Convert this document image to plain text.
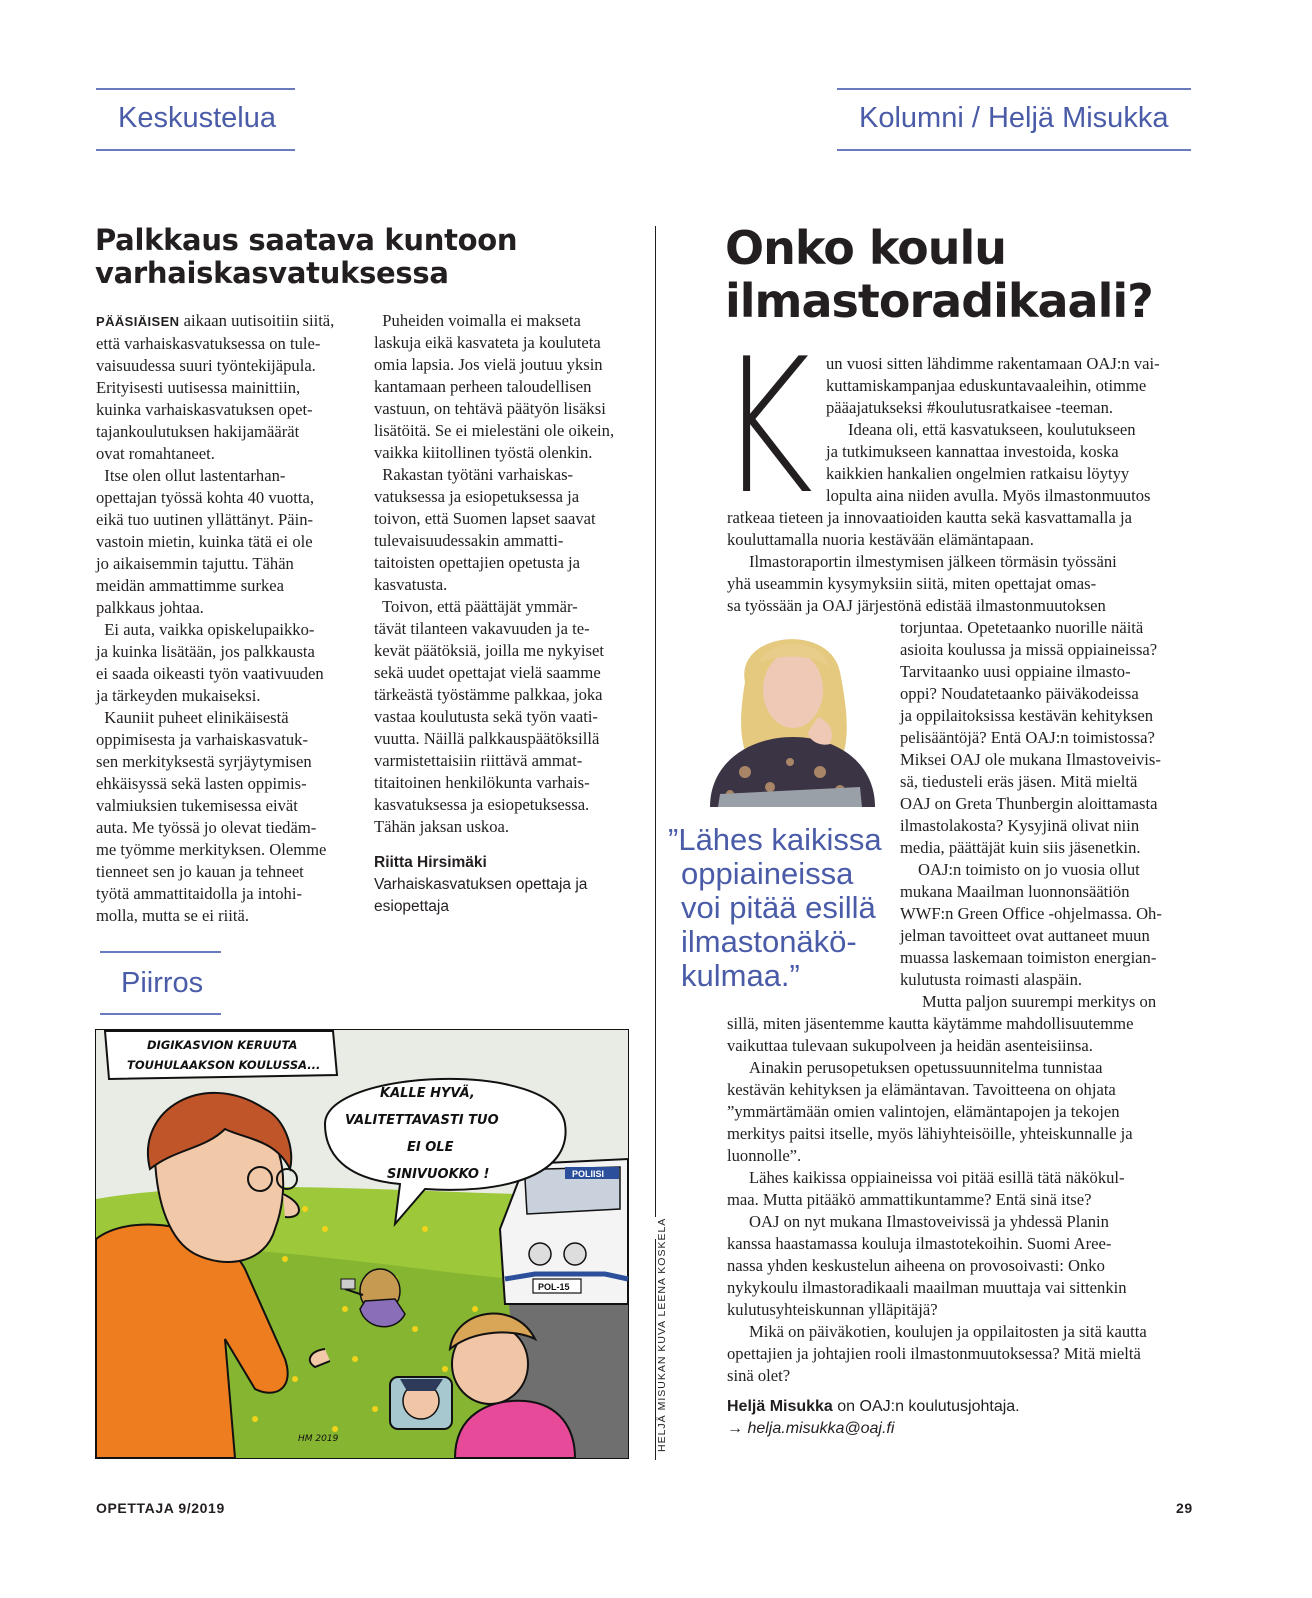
Keskustelua	Kolumni / Heljä Misukka
Palkkaus saatava kuntoon
varhaiskasvatuksessa
PÄÄSIÄISEN aikaan uutisoitiin siitä,
että varhaiskasvatuksessa on tule-
vaisuudessa suuri työntekijäpula.
Erityisesti uutisessa mainittiin,
kuinka varhaiskasvatuksen opet-
tajankoulutuksen hakijamäärät
ovat romahtaneet.
Itse olen ollut lastentarhan-
opettajan työssä kohta 40 vuotta,
eikä tuo uutinen yllättänyt. Päin-
vastoin mietin, kuinka tätä ei ole
jo aikaisemmin tajuttu. Tähän
meidän ammattimme surkea
palkkaus johtaa.
Ei auta, vaikka opiskelupaikko-
ja kuinka lisätään, jos palkkausta
ei saada oikeasti työn vaativuuden
ja tärkeyden mukaiseksi.
Kauniit puheet elinikäisestä
oppimisesta ja varhaiskasvatuk-
sen merkityksestä syrjäytymisen
ehkäisyssä sekä lasten oppimis-
valmiuksien tukemisessa eivät
auta. Me työssä jo olevat tiedäm-
me työmme merkityksen. Olemme
tienneet sen jo kauan ja tehneet
työtä ammattitaidolla ja intohi-
molla, mutta se ei riitä.
Puheiden voimalla ei makseta
laskuja eikä kasvateta ja kouluteta
omia lapsia. Jos vielä joutuu yksin
kantamaan perheen taloudellisen
vastuun, on tehtävä päätyön lisäksi
lisätöitä. Se ei mielestäni ole oikein,
vaikka kiitollinen työstä olenkin.
Rakastan työtäni varhaiskas-
vatuksessa ja esiopetuksessa ja
toivon, että Suomen lapset saavat
tulevaisuudessakin ammatti-
taitoisten opettajien opetusta ja
kasvatusta.
Toivon, että päättäjät ymmär-
tävät tilanteen vakavuuden ja te-
kevät päätöksiä, joilla me nykyiset
sekä uudet opettajat vielä saamme
tärkeästä työstämme palkkaa, joka
vastaa koulutusta sekä työn vaati-
vuutta. Näillä palkkauspäätöksillä
varmistettaisiin riittävä ammat-
titaitoinen henkilökunta varhais-
kasvatuksessa ja esiopetuksessa.
Tähän jaksan uskoa.
Riitta Hirsimäki
Varhaiskasvatuksen opettaja ja
esiopettaja
Piirros
POLIISI
POL-15
DIGIKASVION KERUUTA
TOUHULAAKSON KOULUSSA...
KALLE HYVÄ,
VALITETTAVASTI TUO
EI OLE
SINIVUOKKO !
HM 2019	HELJÄ MISUKAN KUVA LEENA KOSKELA
Onko koulu
ilmastoradikaali?
K un vuosi sitten lähdimme rakentamaan OAJ:n vai-
kuttamiskampanjaa eduskuntavaaleihin, otimme
pääajatukseksi #koulutusratkaisee -teeman.
Ideana oli, että kasvatukseen, koulutukseen
ja tutkimukseen kannattaa investoida, koska
kaikkien hankalien ongelmien ratkaisu löytyy
lopulta aina niiden avulla. Myös ilmastonmuutos
ratkeaa tieteen ja innovaatioiden kautta sekä kasvattamalla ja
kouluttamalla nuoria kestävään elämäntapaan.
Ilmastoraportin ilmestymisen jälkeen törmäsin työssäni
yhä useammin kysymyksiin siitä, miten opettajat omas-
sa työssään ja OAJ järjestönä edistää ilmastonmuutoksen
torjuntaa. Opetetaanko nuorille näitä
asioita koulussa ja missä oppiaineissa?
Tarvitaanko uusi oppiaine ilmasto-
oppi? Noudatetaanko päiväkodeissa
ja oppilaitoksissa kestävän kehityksen
pelisääntöjä? Entä OAJ:n toimistossa?
Miksei OAJ ole mukana Ilmastoveivis-
sä, tiedusteli eräs jäsen. Mitä mieltä
OAJ on Greta Thunbergin aloittamasta
ilmastolakosta? Kysyjinä olivat niin
media, päättäjät kuin siis jäsenetkin.
OAJ:n toimisto on jo vuosia ollut
mukana Maailman luonnonsäätiön
WWF:n Green Office -ohjelmassa. Oh-
jelman tavoitteet ovat auttaneet muun
muassa laskemaan toimiston energian-
kulutusta roimasti alaspäin.
Mutta paljon suurempi merkitys on
sillä, miten jäsentemme kautta käytämme mahdollisuutemme
vaikuttaa tulevaan sukupolveen ja heidän asenteisiinsa.
Ainakin perusopetuksen opetussuunnitelma tunnistaa
kestävän kehityksen ja elämäntavan. Tavoitteena on ohjata
”ymmärtämään omien valintojen, elämäntapojen ja tekojen
merkitys paitsi itselle, myös lähiyhteisöille, yhteiskunnalle ja
luonnolle”.
Lähes kaikissa oppiaineissa voi pitää esillä tätä näkökul-
maa. Mutta pitääkö ammattikuntamme? Entä sinä itse?
OAJ on nyt mukana Ilmastoveivissä ja yhdessä Planin
kanssa haastamassa kouluja ilmastotekoihin. Suomi Aree-
nassa yhden keskustelun aiheena on provosoivasti: Onko
nykykoulu ilmastoradikaali maailman muuttaja vai sittenkin
kulutusyhteiskunnan ylläpitäjä?
Mikä on päiväkotien, koulujen ja oppilaitosten ja sitä kautta
opettajien ja johtajien rooli ilmastonmuutoksessa? Mitä mieltä
sinä olet?
”Lähes kaikissa
oppiaineissa
voi pitää esillä
ilmastonäkö-
kulmaa.”
Heljä Misukka on OAJ:n koulutusjohtaja.
→ helja.misukka@oaj.fi
OPETTAJA 9/2019	29
